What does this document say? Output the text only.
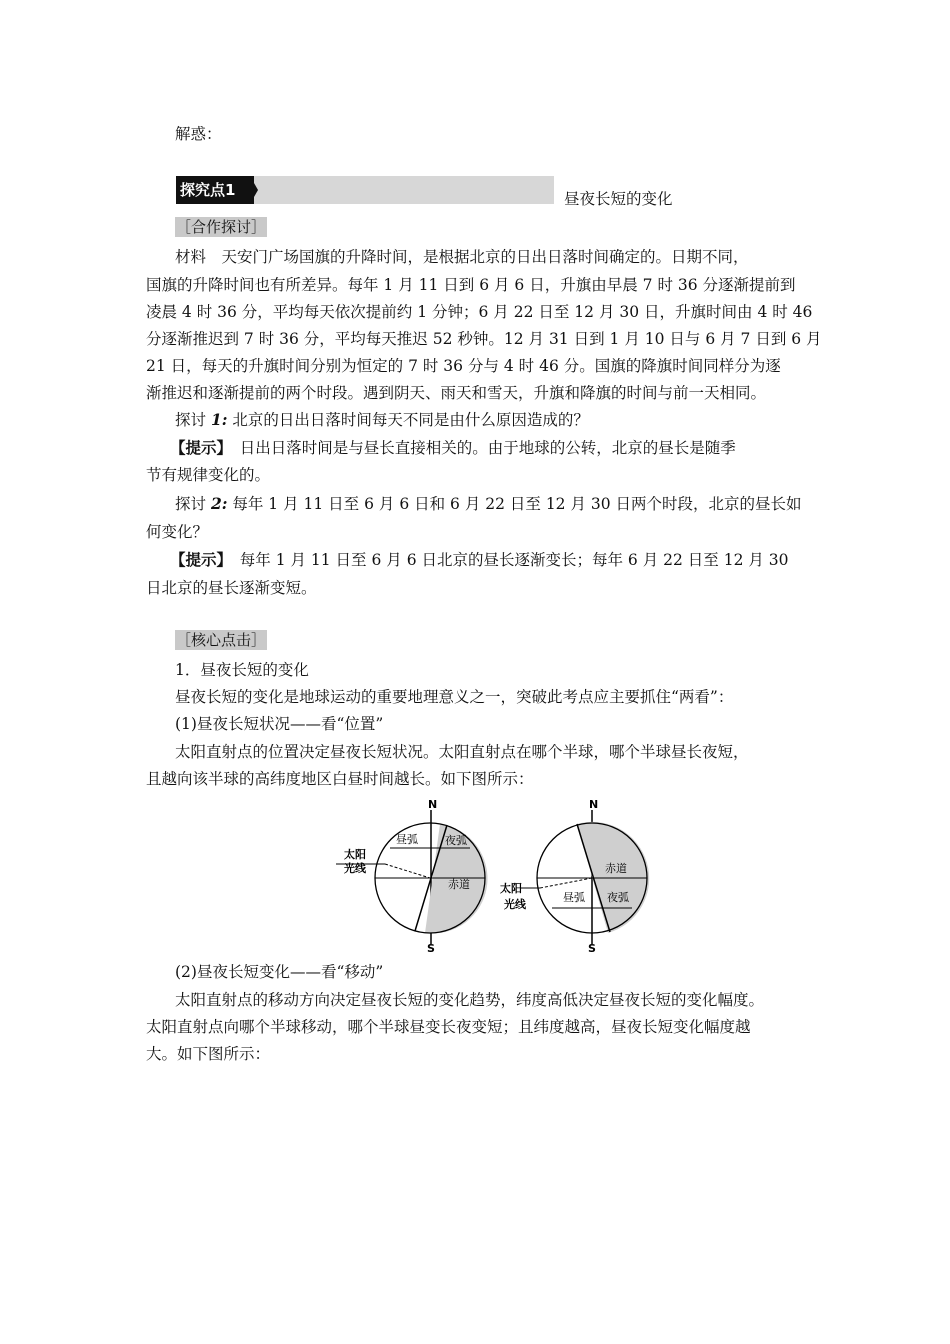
解惑：
探究点1	昼夜长短的变化
［合作探讨］
材料　天安门广场国旗的升降时间，是根据北京的日出日落时间确定的。日期不同，
国旗的升降时间也有所差异。每年 1 月 11 日到 6 月 6 日，升旗由早晨 7 时 36 分逐渐提前到
凌晨 4 时 36 分，平均每天依次提前约 1 分钟；6 月 22 日至 12 月 30 日，升旗时间由 4 时 46
分逐渐推迟到 7 时 36 分，平均每天推迟 52 秒钟。12 月 31 日到 1 月 10 日与 6 月 7 日到 6 月
21 日，每天的升旗时间分别为恒定的 7 时 36 分与 4 时 46 分。国旗的降旗时间同样分为逐
渐推迟和逐渐提前的两个时段。遇到阴天、雨天和雪天，升旗和降旗的时间与前一天相同。
探讨 1: 北京的日出日落时间每天不同是由什么原因造成的？
【提示】　日出日落时间是与昼长直接相关的。由于地球的公转，北京的昼长是随季
节有规律变化的。
探讨 2: 每年 1 月 11 日至 6 月 6 日和 6 月 22 日至 12 月 30 日两个时段，北京的昼长如
何变化？
【提示】　每年 1 月 11 日至 6 月 6 日北京的昼长逐渐变长；每年 6 月 22 日至 12 月 30
日北京的昼长逐渐变短。
［核心点击］
1．昼夜长短的变化
昼夜长短的变化是地球运动的重要地理意义之一，突破此考点应主要抓住“两看”：
(1)昼夜长短状况——看“位置”
太阳直射点的位置决定昼夜长短状况。太阳直射点在哪个半球，哪个半球昼长夜短，
且越向该半球的高纬度地区白昼时间越长。如下图所示：
N
太阳
光线
昼弧 夜弧
赤道
S
N
太阳
光线
赤道
昼弧 夜弧
S
(2)昼夜长短变化——看“移动”
太阳直射点的移动方向决定昼夜长短的变化趋势，纬度高低决定昼夜长短的变化幅度。
太阳直射点向哪个半球移动，哪个半球昼变长夜变短；且纬度越高，昼夜长短变化幅度越
大。如下图所示：
